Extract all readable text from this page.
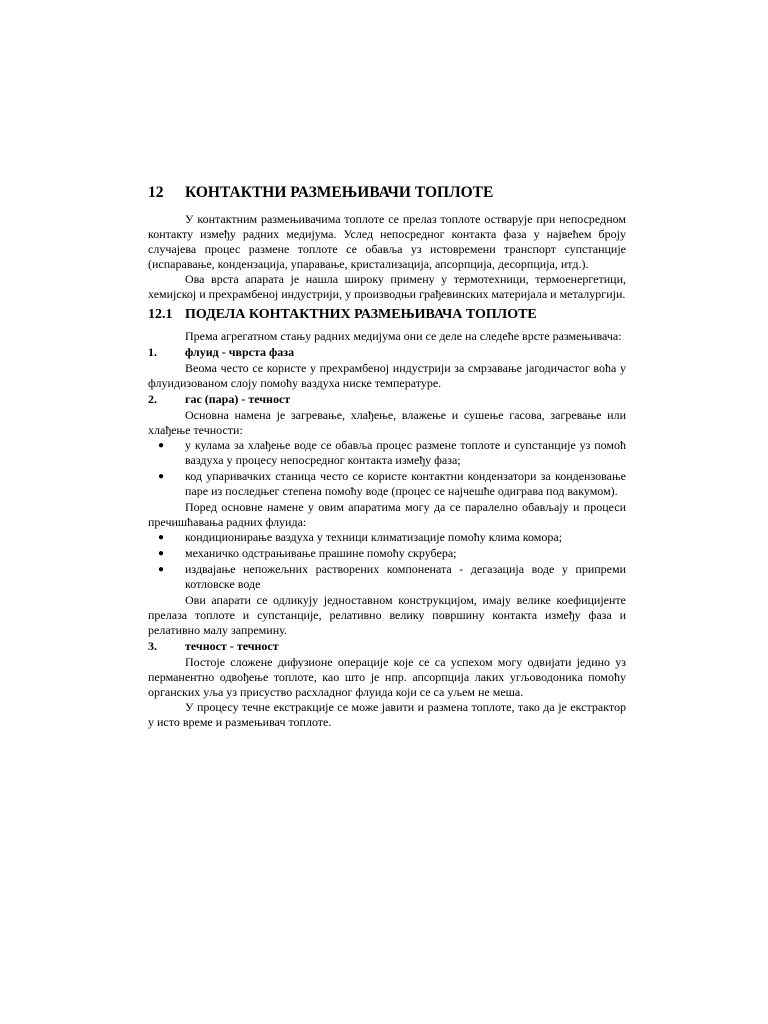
12	КОНТАКТНИ РАЗМЕЊИВАЧИ ТОПЛОТЕ

У контактним размењивачима топлоте се прелаз топлоте остварује при непосредном контакту између радних медијума. Услед непосредног контакта фаза у највећем броју случајева процес размене топлоте се обавља уз истовремени транспорт супстанције (испаравање, кондензација, упаравање, кристализација, апсорпција, десорпција, итд.).

Ова врста апарата је нашла широку примену у термотехници, термоенергетици, хемијској и прехрамбеној индустрији, у производњи грађевинских материјала и металургији.

12.1 ПОДЕЛА КОНТАКТНИХ РАЗМЕЊИВАЧА ТОПЛОТЕ

Према агрегатном стању радних медијума они се деле на следеће врсте размењивача:

1.	флуид - чврста фаза

Веома често се користе у прехрамбеној индустрији за смрзавање јагодичастог воћа у флуидизованом слоју помоћу ваздуха ниске температуре.

2.	гас (пара) - течност

Основна намена је загревање, хлађење, влажење и сушење гасова, загревање или хлађење течности:

●	у кулама за хлађење воде се обавља процес размене топлоте и супстанције уз помоћ ваздуха у процесу непосредног контакта између фаза;
●	код упаривачких станица често се користе контактни кондензатори за кондензовање паре из последњег степена помоћу воде (процес се најчешће одиграва под вакумом).

Поред основне намене у овим апаратима могу да се паралелно обављају и процеси пречишћавања радних флуида:

●	кондиционирање ваздуха у техници климатизације помоћу клима комора;
●	механичко одстрањивање прашине помоћу скрубера;
●	издвајање непожељних растворених компонената - дегазација воде у припреми котловске воде

Ови апарати се одликују једноставном конструкцијом, имају велике коефицијенте прелаза топлоте и супстанције, релативно велику површину контакта између фаза и релативно малу запремину.

3.	течност - течност

Постоје сложене дифузионе операције које се са успехом могу одвијати једино уз перманентно одвођење топлоте, као што је нпр. апсорпција лаких угљоводоника помоћу органских уља уз присуство расхладног флуида који се са уљем не меша.

У процесу течне екстракције се може јавити и размена топлоте, тако да је екстрактор у исто време и размењивач топлоте.
